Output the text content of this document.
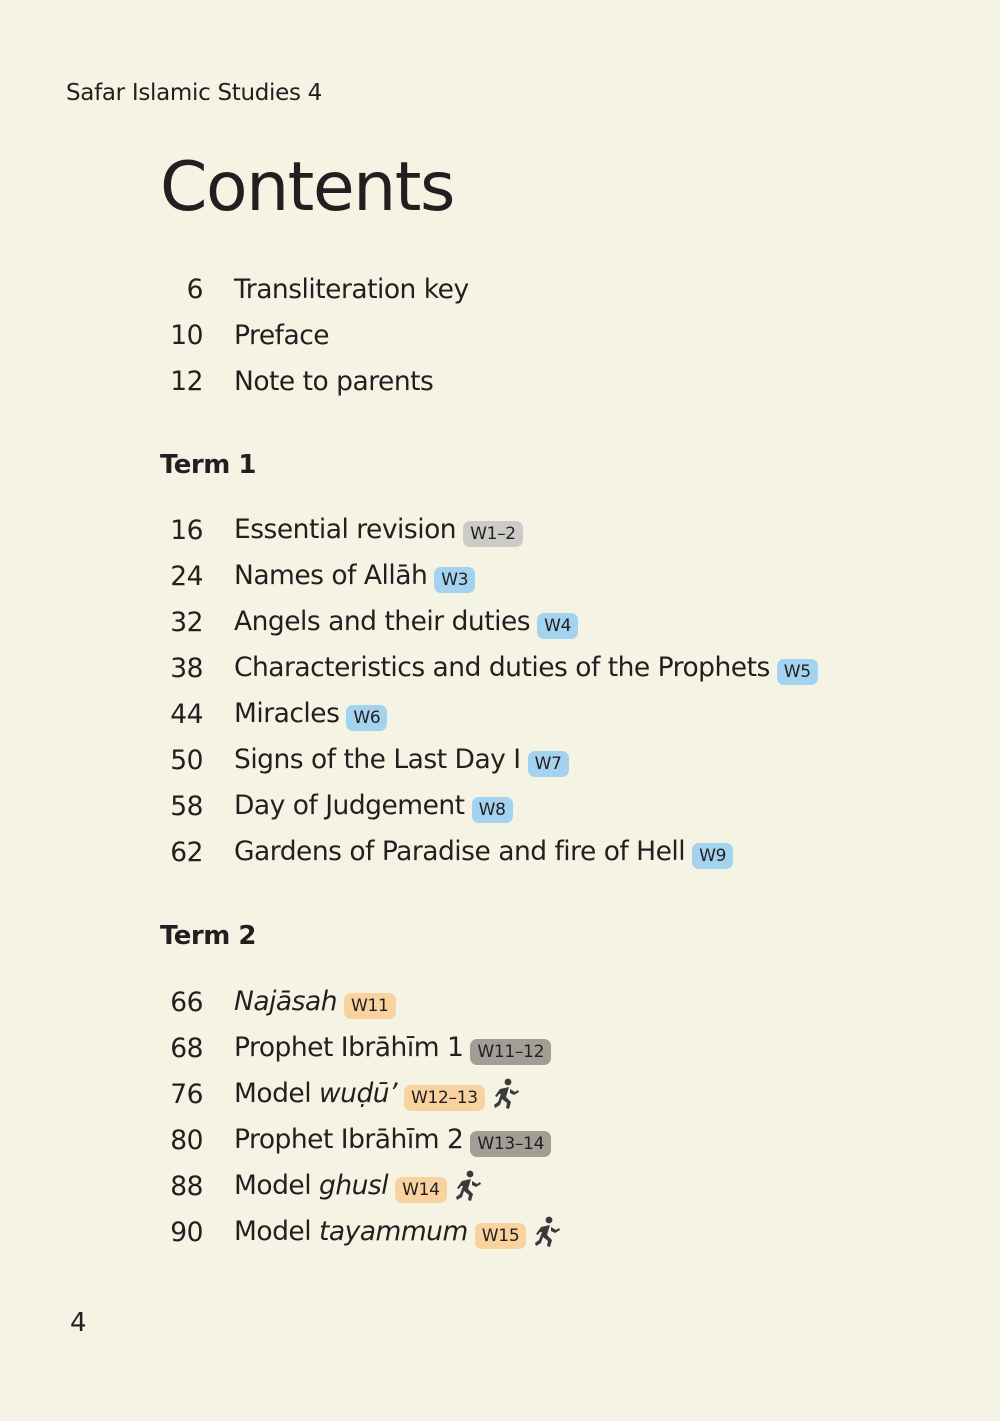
Safar Islamic Studies 4
Contents
6 Transliteration key
10 Preface
12 Note to parents
Term 1
16 Essential revision W1–2
24 Names of Allāh W3
32 Angels and their duties W4
38 Characteristics and duties of the Prophets W5
44 Miracles W6
50 Signs of the Last Day I W7
58 Day of Judgement W8
62 Gardens of Paradise and fire of Hell W9
Term 2
66 Najāsah W11
68 Prophet Ibrāhīm 1 W11–12
76 Model wuḍū’ W12–13
80 Prophet Ibrāhīm 2 W13–14
88 Model ghusl W14
90 Model tayammum W15
4
